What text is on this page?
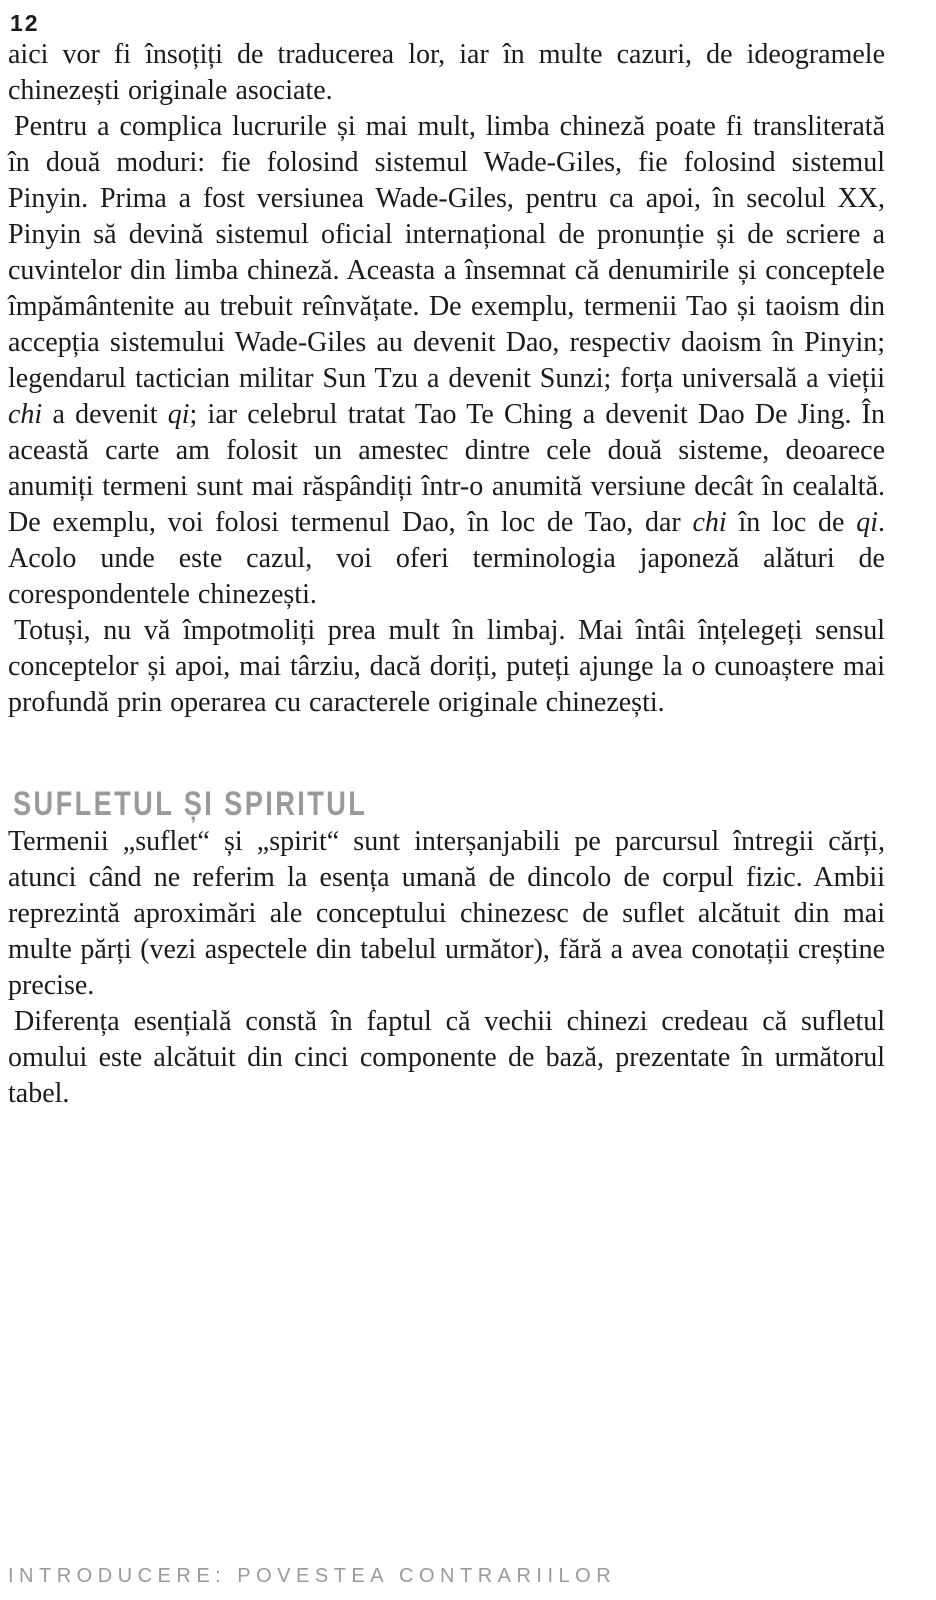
12

aici vor fi însoțiți de traducerea lor, iar în multe cazuri, de ideogramele chinezești originale asociate.

Pentru a complica lucrurile și mai mult, limba chineză poate fi transliterată în două moduri: fie folosind sistemul Wade-Giles, fie folosind sistemul Pinyin. Prima a fost versiunea Wade-Giles, pentru ca apoi, în secolul XX, Pinyin să devină sistemul oficial internațional de pronunție și de scriere a cuvintelor din limba chineză. Aceasta a însemnat că denumirile și conceptele împământenite au trebuit reînvățate. De exemplu, termenii Tao și taoism din accepția sistemului Wade-Giles au devenit Dao, respectiv daoism în Pinyin; legendarul tactician militar Sun Tzu a devenit Sunzi; forța universală a vieții chi a devenit qi; iar celebrul tratat Tao Te Ching a devenit Dao De Jing. În această carte am folosit un amestec dintre cele două sisteme, deoarece anumiți termeni sunt mai răspândiți într-o anumită versiune decât în cealaltă. De exemplu, voi folosi termenul Dao, în loc de Tao, dar chi în loc de qi. Acolo unde este cazul, voi oferi terminologia japoneză alături de corespondentele chinezești.

Totuși, nu vă împotmoliți prea mult în limbaj. Mai întâi înțelegeți sensul conceptelor și apoi, mai târziu, dacă doriți, puteți ajunge la o cunoaștere mai profundă prin operarea cu caracterele originale chinezești.

SUFLETUL ȘI SPIRITUL

Termenii „suflet“ și „spirit“ sunt interșanjabili pe parcursul întregii cărți, atunci când ne referim la esența umană de dincolo de corpul fizic. Ambii reprezintă aproximări ale conceptului chinezesc de suflet alcătuit din mai multe părți (vezi aspectele din tabelul următor), fără a avea conotații creștine precise.

Diferența esențială constă în faptul că vechii chinezi credeau că sufletul omului este alcătuit din cinci componente de bază, prezentate în următorul tabel.

INTRODUCERE: POVESTEA CONTRARIILOR
